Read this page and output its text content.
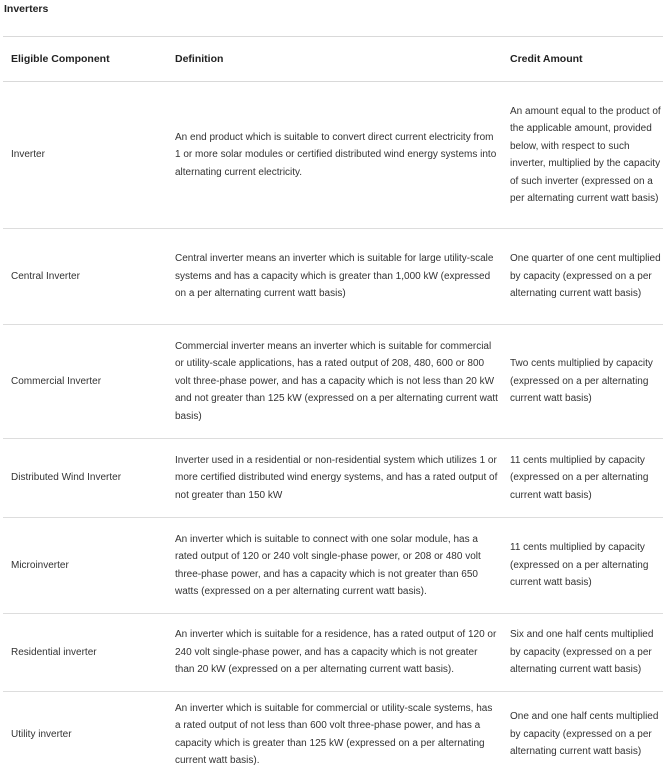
Inverters
Eligible Component	Definition	Credit Amount
Inverter	An end product which is suitable to convert direct current electricity from 1 or more solar modules or certified distributed wind energy systems into alternating current electricity.	An amount equal to the product of the applicable amount, provided below, with respect to such inverter, multiplied by the capacity of such inverter (expressed on a per alternating current watt basis)
Central Inverter	Central inverter means an inverter which is suitable for large utility-scale systems and has a capacity which is greater than 1,000 kW (expressed on a per alternating current watt basis)	One quarter of one cent multiplied by capacity (expressed on a per alternating current watt basis)
Commercial Inverter	Commercial inverter means an inverter which is suitable for commercial or utility-scale applications, has a rated output of 208, 480, 600 or 800 volt three-phase power, and has a capacity which is not less than 20 kW and not greater than 125 kW (expressed on a per alternating current watt basis)	Two cents multiplied by capacity (expressed on a per alternating current watt basis)
Distributed Wind Inverter	Inverter used in a residential or non-residential system which utilizes 1 or more certified distributed wind energy systems, and has a rated output of not greater than 150 kW	11 cents multiplied by capacity (expressed on a per alternating current watt basis)
Microinverter	An inverter which is suitable to connect with one solar module, has a rated output of 120 or 240 volt single-phase power, or 208 or 480 volt three-phase power, and has a capacity which is not greater than 650 watts (expressed on a per alternating current watt basis).	11 cents multiplied by capacity (expressed on a per alternating current watt basis)
Residential inverter	An inverter which is suitable for a residence, has a rated output of 120 or 240 volt single-phase power, and has a capacity which is not greater than 20 kW (expressed on a per alternating current watt basis).	Six and one half cents multiplied by capacity (expressed on a per alternating current watt basis)
Utility inverter	An inverter which is suitable for commercial or utility-scale systems, has a rated output of not less than 600 volt three-phase power, and has a capacity which is greater than 125 kW (expressed on a per alternating current watt basis).	One and one half cents multiplied by capacity (expressed on a per alternating current watt basis)
